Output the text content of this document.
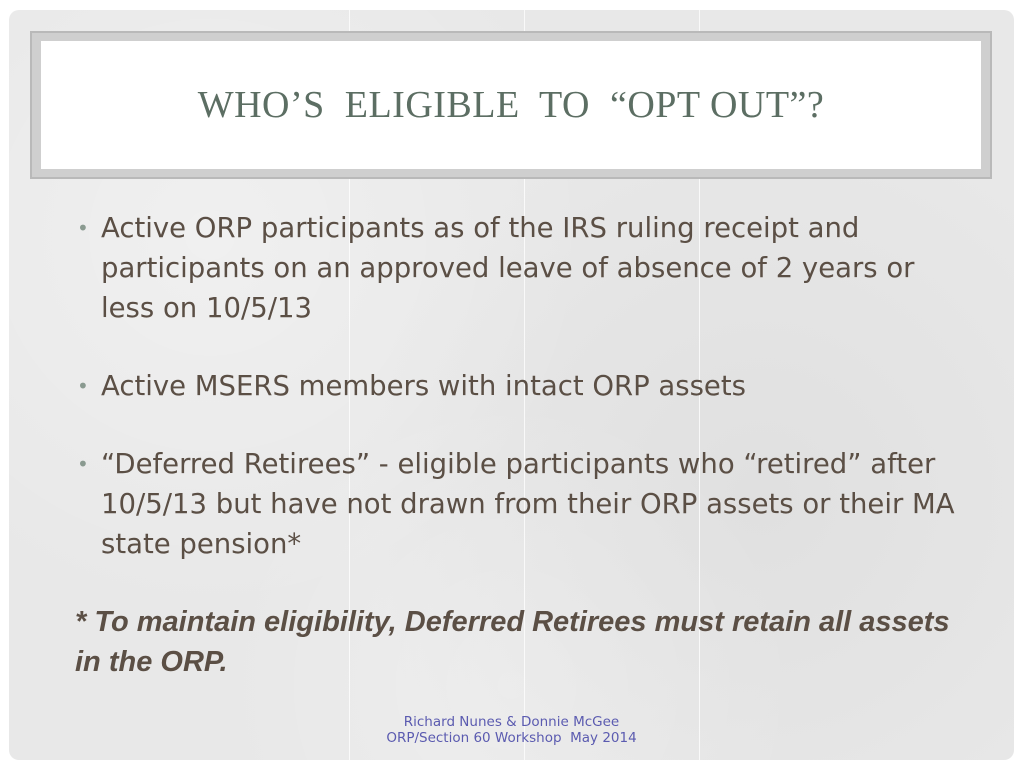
WHO’S  ELIGIBLE  TO  “OPT OUT”?
• Active ORP participants as of the IRS ruling receipt and participants on an approved leave of absence of 2 years or less on 10/5/13
• Active MSERS members with intact ORP assets
• “Deferred Retirees” - eligible participants who “retired” after 10/5/13 but have not drawn from their ORP assets or their MA state pension*
* To maintain eligibility, Deferred Retirees must retain all assets in the ORP.
Richard Nunes & Donnie McGee
ORP/Section 60 Workshop  May 2014
